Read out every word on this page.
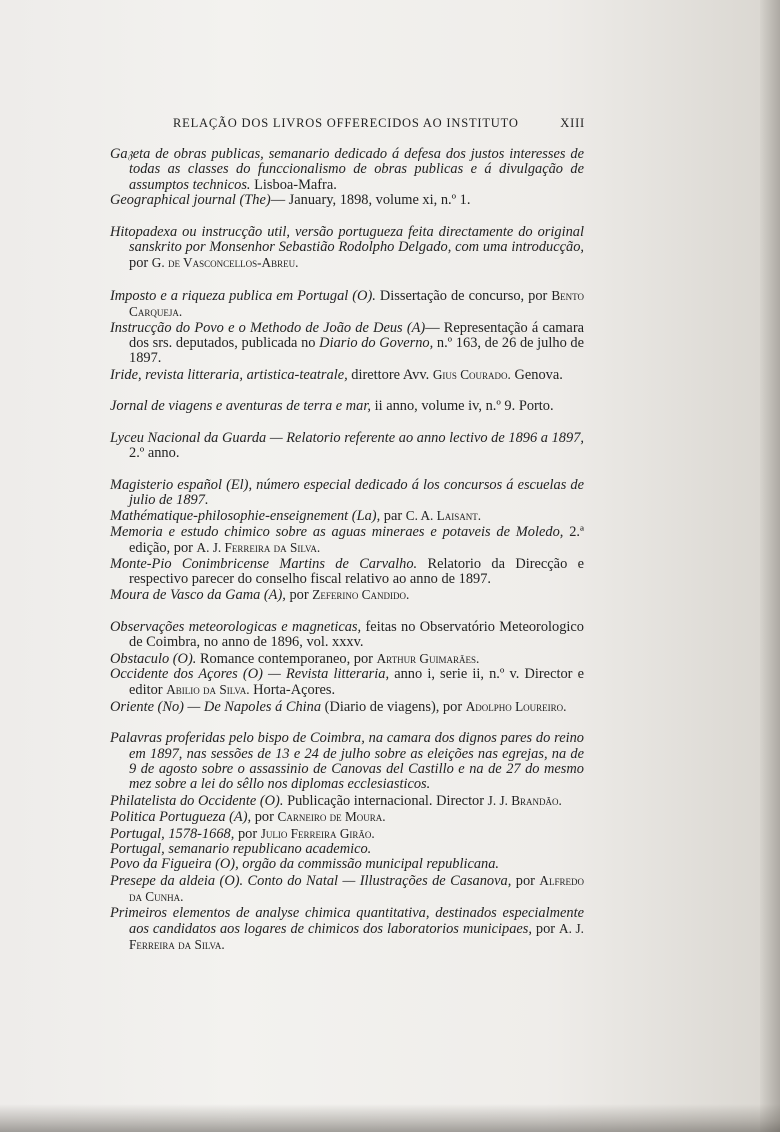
RELAÇÃO DOS LIVROS OFFERECIDOS AO INSTITUTO	XIII

Ga𝔷eta de obras publicas, semanario dedicado á defesa dos justos interesses de todas as classes do funccionalismo de obras publicas e á divulgação de assumptos technicos. Lisboa-Mafra.

Geographical journal (The)— January, 1898, volume xi, n.º 1.

Hitopadexa ou instrucção util, versão portugueza feita directamente do original sanskrito por Monsenhor Sebastião Rodolpho Delgado, com uma introducção, por G. de Vasconcellos-Abreu.

Imposto e a riqueza publica em Portugal (O). Dissertação de concurso, por Bento Carqueja.

Instrucção do Povo e o Methodo de João de Deus (A)— Representação á camara dos srs. deputados, publicada no Diario do Governo, n.º 163, de 26 de julho de 1897.

Iride, revista litteraria, artistica-teatrale, direttore Avv. Gius Courado. Genova.

Jornal de viagens e aventuras de terra e mar, ii anno, volume iv, n.º 9. Porto.

Lyceu Nacional da Guarda — Relatorio referente ao anno lectivo de 1896 a 1897, 2.º anno.

Magisterio español (El), número especial dedicado á los concursos á escuelas de julio de 1897.

Mathématique-philosophie-enseignement (La), par C. A. Laisant.

Memoria e estudo chimico sobre as aguas mineraes e potaveis de Moledo, 2.ª edição, por A. J. Ferreira da Silva.

Monte-Pio Conimbricense Martins de Carvalho. Relatorio da Direcção e respectivo parecer do conselho fiscal relativo ao anno de 1897.

Moura de Vasco da Gama (A), por Zeferino Candido.

Observações meteorologicas e magneticas, feitas no Observatório Meteorologico de Coimbra, no anno de 1896, vol. xxxv.

Obstaculo (O). Romance contemporaneo, por Arthur Guimarães.

Occidente dos Açores (O) — Revista litteraria, anno i, serie ii, n.º v. Director e editor Abilio da Silva. Horta-Açores.

Oriente (No) — De Napoles á China (Diario de viagens), por Adolpho Loureiro.

Palavras proferidas pelo bispo de Coimbra, na camara dos dignos pares do reino em 1897, nas sessões de 13 e 24 de julho sobre as eleições nas egrejas, na de 9 de agosto sobre o assassinio de Canovas del Castillo e na de 27 do mesmo mez sobre a lei do sêllo nos diplomas ecclesiasticos.

Philatelista do Occidente (O). Publicação internacional. Director J. J. Brandão.

Politica Portugueza (A), por Carneiro de Moura.

Portugal, 1578-1668, por Julio Ferreira Girão.

Portugal, semanario republicano academico.

Povo da Figueira (O), orgão da commissão municipal republicana.

Presepe da aldeia (O). Conto do Natal — Illustrações de Casanova, por Alfredo da Cunha.

Primeiros elementos de analyse chimica quantitativa, destinados especialmente aos candidatos aos logares de chimicos dos laboratorios municipaes, por A. J. Ferreira da Silva.
